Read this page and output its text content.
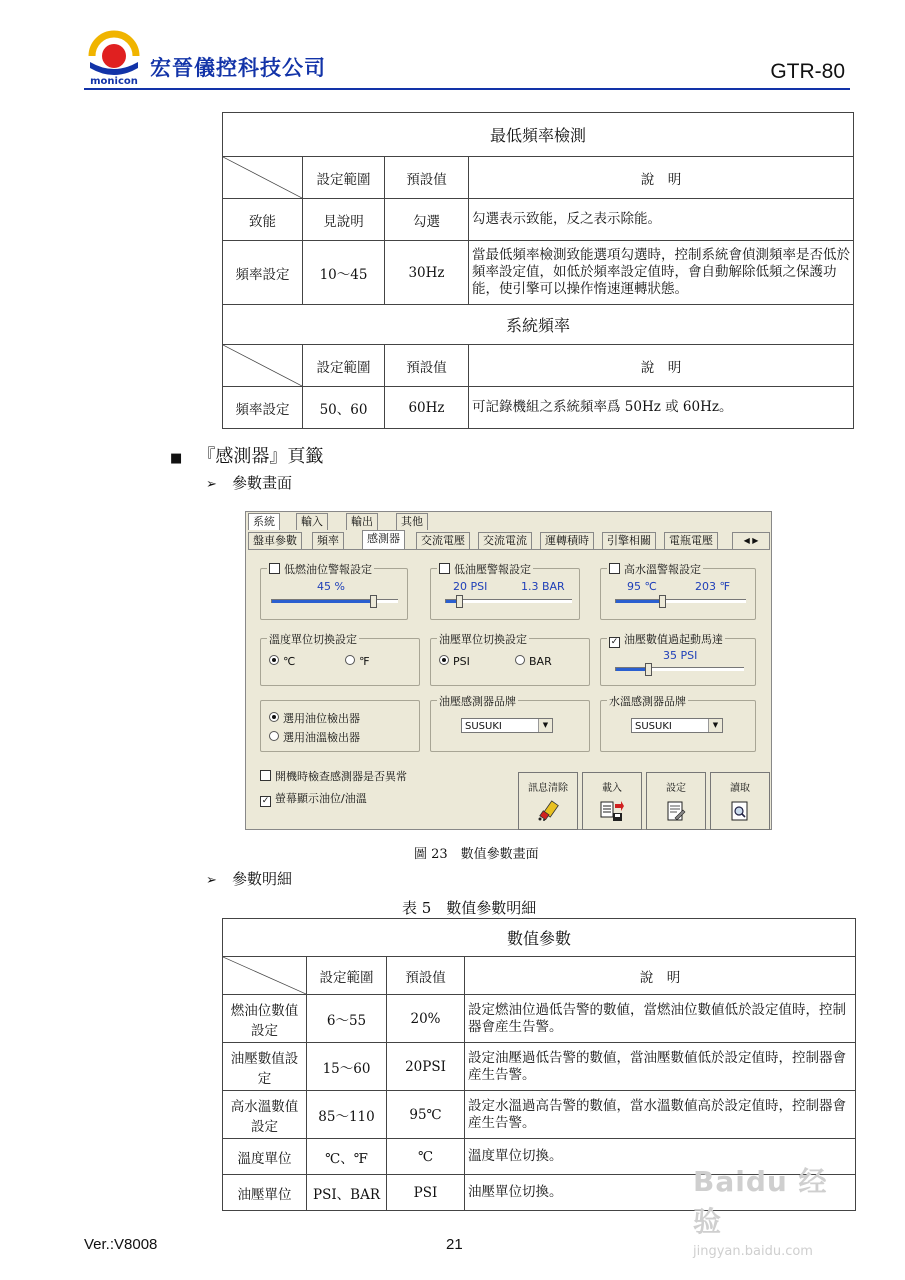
monicon
宏晉儀控科技公司	GTR-80
最低頻率檢測			

	設定範圍	預設值	說　明
致能	見說明	勾選	勾選表示致能，反之表示除能。
頻率設定	10～45	30Hz	當最低頻率檢測致能選項勾選時，控制系統會偵測頻率是否低於頻率設定值，如低於頻率設定值時，會自動解除低頻之保護功能，使引擎可以操作惰速運轉狀態。
系統頻率			

	設定範圍	預設值	說　明
頻率設定	50、60	60Hz	可記錄機組之系統頻率爲 50Hz 或 60Hz。
■ 『感測器』頁籤
➢ 參數畫面
系統	輸入	輸出	其他
盤車參數	頻率	感測器	交流電壓	交流電流	運轉積時	引擎相關	電瓶電壓	◀ ▶
低燃油位警報設定
45 %
低油壓警報設定
20 PSI	1.3 BAR
高水溫警報設定
95 ℃	203 ℉
溫度單位切換設定
℃	℉
油壓單位切換設定
PSI	BAR
✓ 油壓數值過起動馬達
35 PSI
選用油位檢出器
選用油溫檢出器
油壓感測器品牌
SUSUKI	▼
水溫感測器品牌
SUSUKI	▼
開機時檢查感測器是否異常
✓ 螢幕顯示油位/油溫
訊息清除	載入	設定	讀取
圖 23　數值參數畫面
➢ 參數明細
表 5　數值參數明細
數值參數			

	設定範圍	預設值	說　明
燃油位數值設定	6～55	20%	設定燃油位過低告警的數値，當燃油位數値低於設定值時，控制器會産生告警。
油壓數值設定	15～60	20PSI	設定油壓過低告警的數値，當油壓數値低於設定值時，控制器會産生告警。
高水溫數值設定	85～110	95℃	設定水溫過高告警的數値，當水溫數値高於設定值時，控制器會産生告警。
溫度單位	℃、℉	℃	溫度單位切換。
油壓單位	PSI、BAR	PSI	油壓單位切換。	Baidu 经验
jingyan.baidu.com
Ver.:V8008	21
